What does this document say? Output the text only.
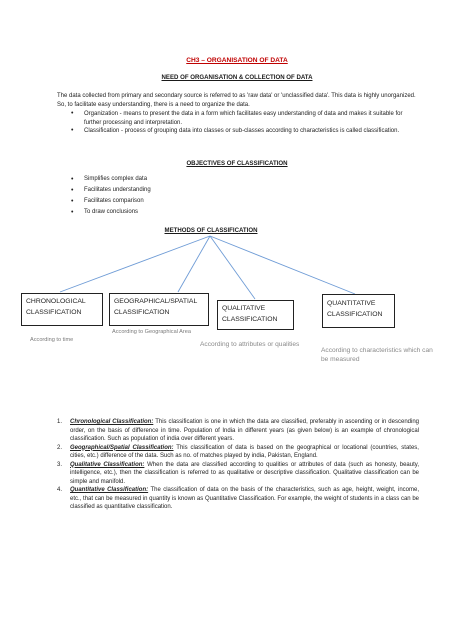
CH3 – ORGANISATION OF DATA
NEED OF ORGANISATION & COLLECTION OF DATA
The data collected from primary and secondary source is referred to as 'raw data' or 'unclassified data'. This data is highly unorganized. So, to facilitate easy understanding, there is a need to organize the data.
• Organization - means to present the data in a form which facilitates easy understanding of data and makes it suitable for further processing and interpretation.
• Classification - process of grouping data into classes or sub-classes according to characteristics is called classification.
OBJECTIVES OF CLASSIFICATION
• Simplifies complex data
• Facilitates understanding
• Facilitates comparison
• To draw conclusions
METHODS OF CLASSIFICATION
CHRONOLOGICAL
CLASSIFICATION
GEOGRAPHICAL/SPATIAL
CLASSIFICATION	QUALITATIVE
CLASSIFICATION
QUANTITATIVE
CLASSIFICATION
According to time
According to Geographical Area
According to attributes or qualities
According to characteristics which can
be measured
1. Chronological Classification: This classification is one in which the data are classified, preferably in ascending or in descending order, on the basis of difference in time. Population of India in different years (as given below) is an example of chronological classification. Such as population of india over different years.
2. Geographical/Spatial Classification: This classification of data is based on the geographical or locational (countries, states, cities, etc.) difference of the data. Such as no. of matches played by india, Pakistan, England.
3. Qualitative Classification: When the data are classified according to qualities or attributes of data (such as honesty, beauty, intelligence, etc.), then the classification is referred to as qualitative or descriptive classification. Qualitative classification can be simple and manifold.
4. Quantitative Classification: The classification of data on the basis of the characteristics, such as age, height, weight, income, etc., that can be measured in quantity is known as Quantitative Classification. For example, the weight of students in a class can be classified as quantitative classification.
